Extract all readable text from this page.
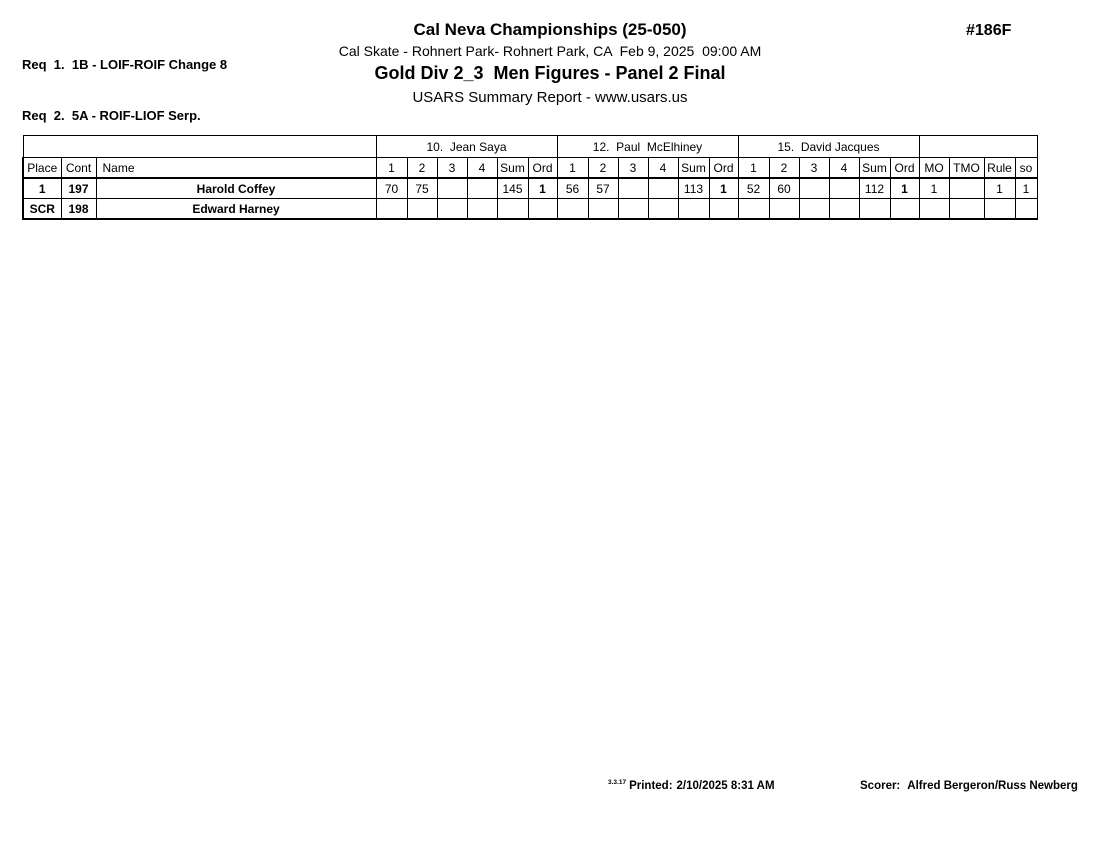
Req  1.  1B - LOIF-ROIF Change 8

Req  2.  5A - ROIF-LIOF Serp.

Cal Neva Championships (25-050)
Cal Skate - Rohnert Park- Rohnert Park, CA  Feb 9, 2025  09:00 AM
Gold Div 2_3  Men Figures - Panel 2 Final
USARS Summary Report - www.usars.us
#186F
			10.  Jean Saya						12.  Paul  McElhiney						15.  David Jacques									
Place	Cont	Name	1	2	3	4	Sum	Ord	1	2	3	4	Sum	Ord	1	2	3	4	Sum	Ord	MO	TMO	Rule	so
1	197	Harold Coffey	70	75			145	1	56	57			113	1	52	60			112	1	1		1	1
SCR	198	Edward Harney																						
$^{3.3.17}$ Printed: 2/10/2025 8:31 AM	Scorer: Alfred Bergeron/Russ Newberg
